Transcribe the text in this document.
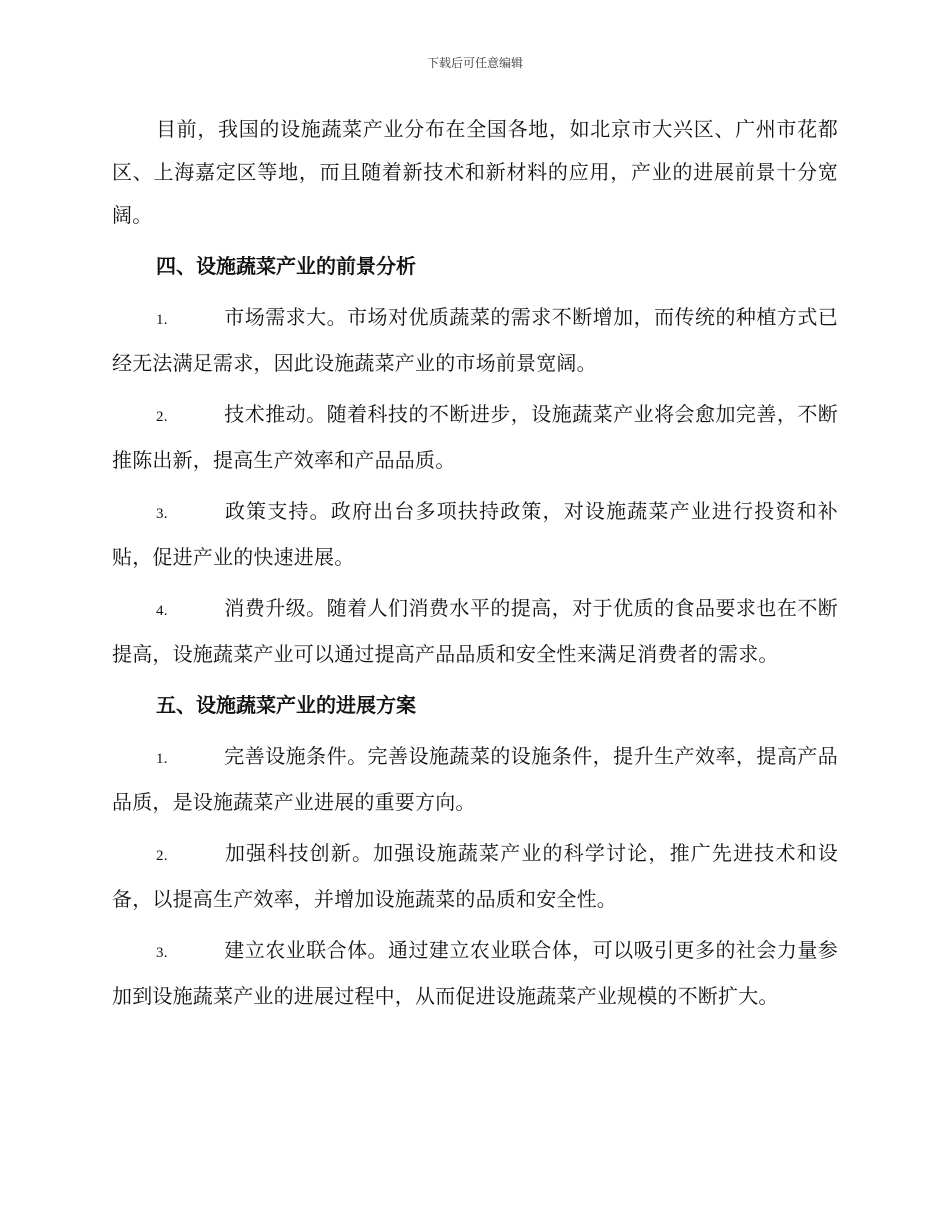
下载后可任意编辑

目前，我国的设施蔬菜产业分布在全国各地，如北京市大兴区、广州市花都区、上海嘉定区等地，而且随着新技术和新材料的应用，产业的进展前景十分宽阔。

四、设施蔬菜产业的前景分析
1.	市场需求大。市场对优质蔬菜的需求不断增加，而传统的种植方式已经无法满足需求，因此设施蔬菜产业的市场前景宽阔。
2.	技术推动。随着科技的不断进步，设施蔬菜产业将会愈加完善，不断推陈出新，提高生产效率和产品品质。
3.	政策支持。政府出台多项扶持政策，对设施蔬菜产业进行投资和补贴，促进产业的快速进展。
4.	消费升级。随着人们消费水平的提高，对于优质的食品要求也在不断提高，设施蔬菜产业可以通过提高产品品质和安全性来满足消费者的需求。
五、设施蔬菜产业的进展方案
1.	完善设施条件。完善设施蔬菜的设施条件，提升生产效率，提高产品品质，是设施蔬菜产业进展的重要方向。
2.	加强科技创新。加强设施蔬菜产业的科学讨论，推广先进技术和设备，以提高生产效率，并增加设施蔬菜的品质和安全性。
3.	建立农业联合体。通过建立农业联合体，可以吸引更多的社会力量参加到设施蔬菜产业的进展过程中，从而促进设施蔬菜产业规模的不断扩大。
